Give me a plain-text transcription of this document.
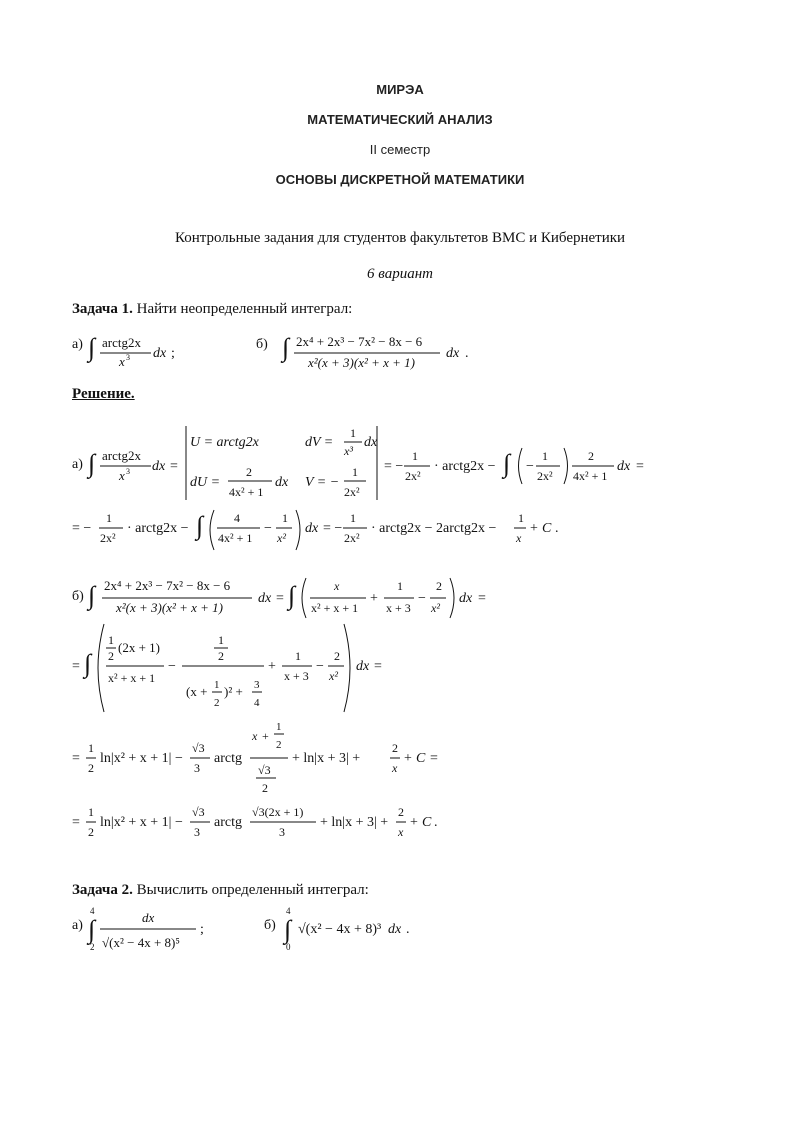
МИРЭА
МАТЕМАТИЧЕСКИЙ АНАЛИЗ
II семестр
ОСНОВЫ ДИСКРЕТНОЙ МАТЕМАТИКИ
Контрольные задания для студентов факультетов ВМС и Кибернетики
6 вариант
Задача 1. Найти неопределенный интеграл:
а)	б)
∫ arctg2x
x 3 dx ;	∫ 2x⁴ + 2x³ − 7x² − 8x − 6
x²(x + 3)(x² + x + 1)
dx .
Решение.
а) ∫ arctg2x
x 3 dx =
U = arctg2x	dV =
1
x³
dx
dU =
2
4x² + 1
dx V = −
1
2x²
= −
1
2x²
· arctg2x − ∫ −
1
2x²
2
4x² + 1
dx =
= −
1
2x²
· arctg2x − ∫	4
4x² + 1
−
1
x²
dx = −
1
2x²
· arctg2x − 2arctg2x −
1
x
+ C .
б) ∫ 2x⁴ + 2x³ − 7x² − 8x − 6
x²(x + 3)(x² + x + 1)
dx = ∫	x
x² + x + 1
+
1
x + 3
−
2
x²
dx =
= ∫
1
2
(2x + 1)
x² + x + 1
−
1
2
(x + 1
2
)² + 3
4
+
1
x + 3
−
2
x²
dx =
=
1
2
ln|x² + x + 1| −
√3
3
arctg
x +
1
2
√3
2
+ ln|x + 3| +
2
x
+ C =
=
1
2
ln|x² + x + 1| −
√3
3
arctg
√3(2x + 1)
3
+ ln|x + 3| +
2
x
+ C .
Задача 2. Вычислить определенный интеграл:
а)	б)
4
∫
2
dx
√(x² − 4x + 8)⁵
;
4
∫
0
√(x² − 4x + 8)³ dx .
